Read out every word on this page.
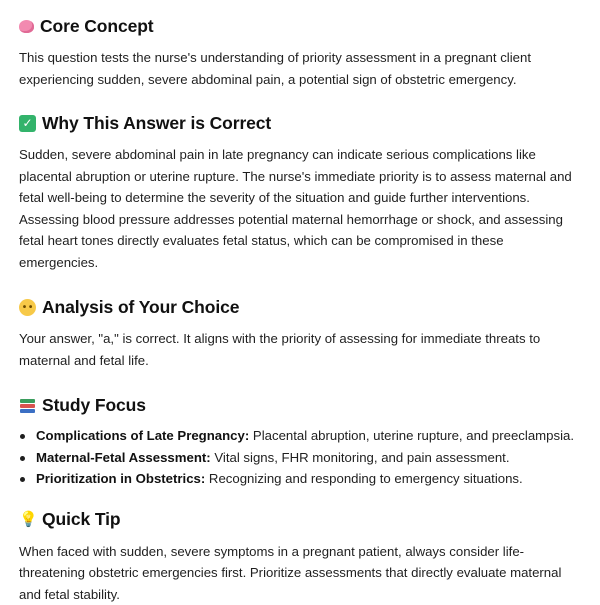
Core Concept

This question tests the nurse's understanding of priority assessment in a pregnant client experiencing sudden, severe abdominal pain, a potential sign of obstetric emergency.

✓ Why This Answer is Correct

Sudden, severe abdominal pain in late pregnancy can indicate serious complications like placental abruption or uterine rupture. The nurse's immediate priority is to assess maternal and fetal well-being to determine the severity of the situation and guide further interventions. Assessing blood pressure addresses potential maternal hemorrhage or shock, and assessing fetal heart tones directly evaluates fetal status, which can be compromised in these emergencies.

• • Analysis of Your Choice

Your answer, "a," is correct. It aligns with the priority of assessing for immediate threats to maternal and fetal life.

Study Focus
Complications of Late Pregnancy: Placental abruption, uterine rupture, and preeclampsia.
Maternal-Fetal Assessment: Vital signs, FHR monitoring, and pain assessment.
Prioritization in Obstetrics: Recognizing and responding to emergency situations.
💡 Quick Tip

When faced with sudden, severe symptoms in a pregnant patient, always consider life-threatening obstetric emergencies first. Prioritize assessments that directly evaluate maternal and fetal stability.
